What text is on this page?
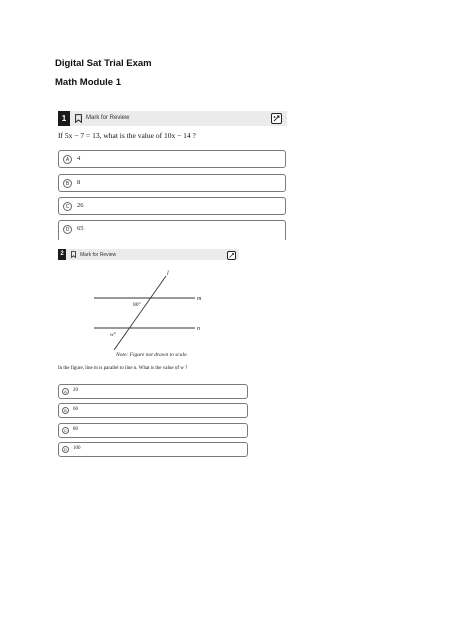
Digital Sat Trial Exam
Math Module 1
1	Mark for Review
If 5x − 7 = 13, what is the value of 10x − 14 ?
A	4
B	8
C	26
D	65
2	Mark for Review
l
m
n
80°
w°
Note: Figure not drawn to scale.
In the figure, line m is parallel to line n. What is the value of w ?
A	20
B	60
C	80
D	100
